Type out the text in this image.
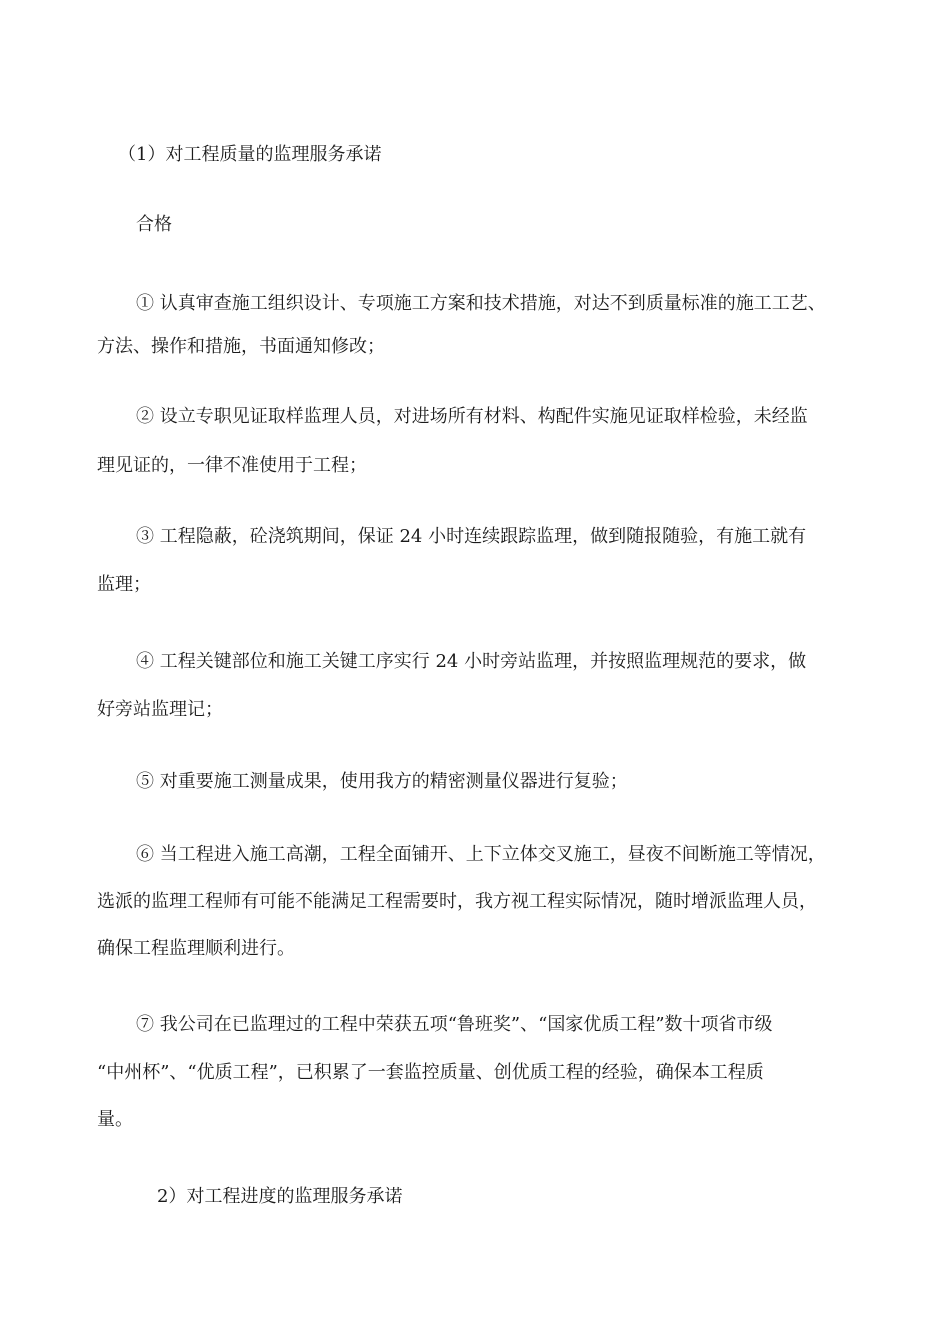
（1）对工程质量的监理服务承诺
合格
① 认真审查施工组织设计、专项施工方案和技术措施，对达不到质量标准的施工工艺、
方法、操作和措施，书面通知修改；
② 设立专职见证取样监理人员，对进场所有材料、构配件实施见证取样检验，未经监
理见证的，一律不准使用于工程；
③ 工程隐蔽，砼浇筑期间，保证 24 小时连续跟踪监理，做到随报随验，有施工就有
监理；
④ 工程关键部位和施工关键工序实行 24 小时旁站监理，并按照监理规范的要求，做
好旁站监理记；
⑤ 对重要施工测量成果，使用我方的精密测量仪器进行复验；
⑥ 当工程进入施工高潮，工程全面铺开、上下立体交叉施工，昼夜不间断施工等情况，
选派的监理工程师有可能不能满足工程需要时，我方视工程实际情况，随时增派监理人员，
确保工程监理顺利进行。
⑦ 我公司在已监理过的工程中荣获五项“鲁班奖”、“国家优质工程”数十项省市级
“中州杯”、“优质工程”，已积累了一套监控质量、创优质工程的经验，确保本工程质
量。
2）对工程进度的监理服务承诺
